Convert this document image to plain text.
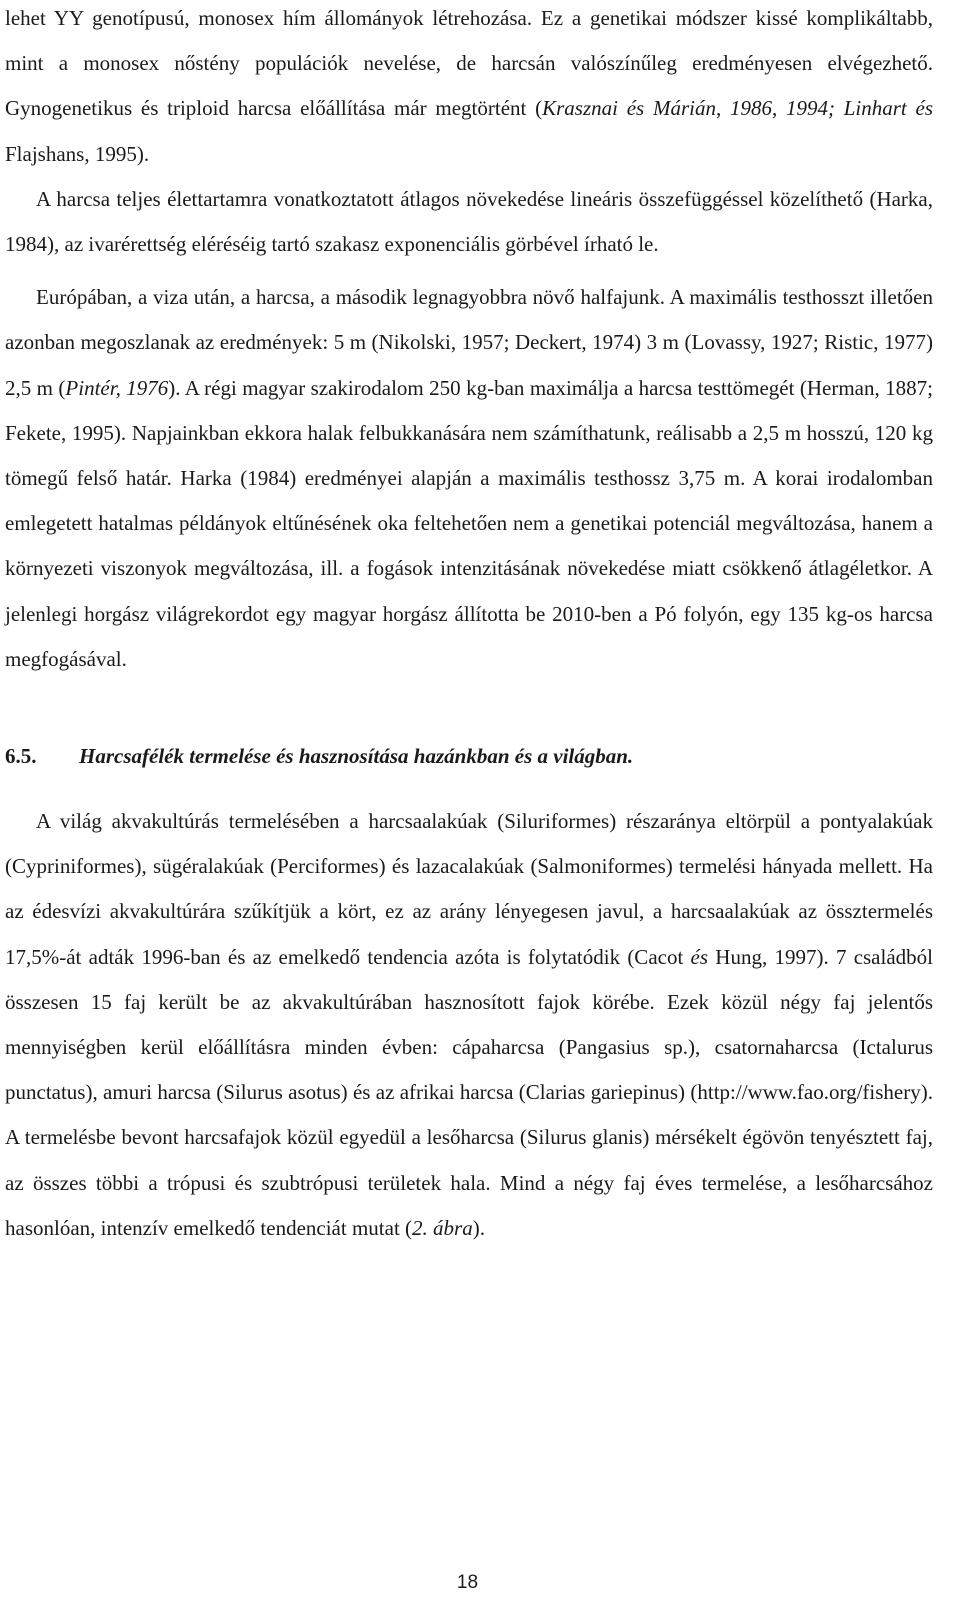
lehet YY genotípusú, monosex hím állományok létrehozása. Ez a genetikai módszer kissé komplikáltabb, mint a monosex nőstény populációk nevelése, de harcsán valószínűleg eredményesen elvégezhető. Gynogenetikus és triploid harcsa előállítása már megtörtént (Krasznai és Márián, 1986, 1994; Linhart és Flajshans, 1995).

A harcsa teljes élettartamra vonatkoztatott átlagos növekedése lineáris összefüggéssel közelíthető (Harka, 1984), az ivarérettség eléréséig tartó szakasz exponenciális görbével írható le.

Európában, a viza után, a harcsa, a második legnagyobbra növő halfajunk. A maximális testhosszt illetően azonban megoszlanak az eredmények: 5 m (Nikolski, 1957; Deckert, 1974) 3 m (Lovassy, 1927; Ristic, 1977) 2,5 m (Pintér, 1976). A régi magyar szakirodalom 250 kg-ban maximálja a harcsa testtömegét (Herman, 1887; Fekete, 1995). Napjainkban ekkora halak felbukkanására nem számíthatunk, reálisabb a 2,5 m hosszú, 120 kg tömegű felső határ. Harka (1984) eredményei alapján a maximális testhossz 3,75 m. A korai irodalomban emlegetett hatalmas példányok eltűnésének oka feltehetően nem a genetikai potenciál megváltozása, hanem a környezeti viszonyok megváltozása, ill. a fogások intenzitásának növekedése miatt csökkenő átlagéletkor. A jelenlegi horgász világrekordot egy magyar horgász állította be 2010-ben a Pó folyón, egy 135 kg-os harcsa megfogásával.

6.5. Harcsafélék termelése és hasznosítása hazánkban és a világban.

A világ akvakultúrás termelésében a harcsaalakúak (Siluriformes) részaránya eltörpül a pontyalakúak (Cypriniformes), sügéralakúak (Perciformes) és lazacalakúak (Salmoniformes) termelési hányada mellett. Ha az édesvízi akvakultúrára szűkítjük a kört, ez az arány lényegesen javul, a harcsaalakúak az össztermelés 17,5%-át adták 1996-ban és az emelkedő tendencia azóta is folytatódik (Cacot és Hung, 1997). 7 családból összesen 15 faj került be az akvakultúrában hasznosított fajok körébe. Ezek közül négy faj jelentős mennyiségben kerül előállításra minden évben: cápaharcsa (Pangasius sp.), csatornaharcsa (Ictalurus punctatus), amuri harcsa (Silurus asotus) és az afrikai harcsa (Clarias gariepinus) (http://www.fao.org/fishery). A termelésbe bevont harcsafajok közül egyedül a lesőharcsa (Silurus glanis) mérsékelt égövön tenyésztett faj, az összes többi a trópusi és szubtrópusi területek hala. Mind a négy faj éves termelése, a lesőharcsához hasonlóan, intenzív emelkedő tendenciát mutat (2. ábra).

18
